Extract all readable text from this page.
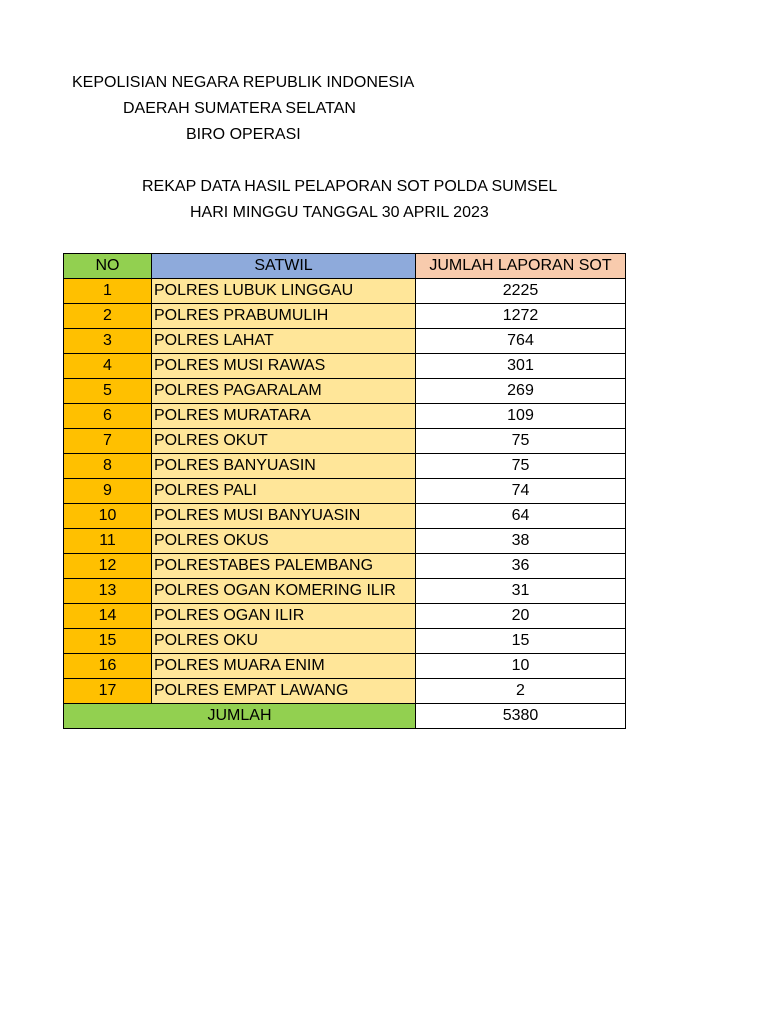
KEPOLISIAN NEGARA REPUBLIK INDONESIA
DAERAH SUMATERA SELATAN
BIRO OPERASI
REKAP DATA HASIL PELAPORAN SOT POLDA SUMSEL
HARI MINGGU TANGGAL 30 APRIL 2023
NO	SATWIL	JUMLAH LAPORAN SOT
1	POLRES LUBUK LINGGAU	2225
2	POLRES PRABUMULIH	1272
3	POLRES LAHAT	764
4	POLRES MUSI RAWAS	301
5	POLRES PAGARALAM	269
6	POLRES MURATARA	109
7	POLRES OKUT	75
8	POLRES BANYUASIN	75
9	POLRES PALI	74
10	POLRES MUSI BANYUASIN	64
11	POLRES OKUS	38
12	POLRESTABES PALEMBANG	36
13	POLRES OGAN KOMERING ILIR	31
14	POLRES OGAN ILIR	20
15	POLRES OKU	15
16	POLRES MUARA ENIM	10
17	POLRES EMPAT LAWANG	2
JUMLAH		5380
